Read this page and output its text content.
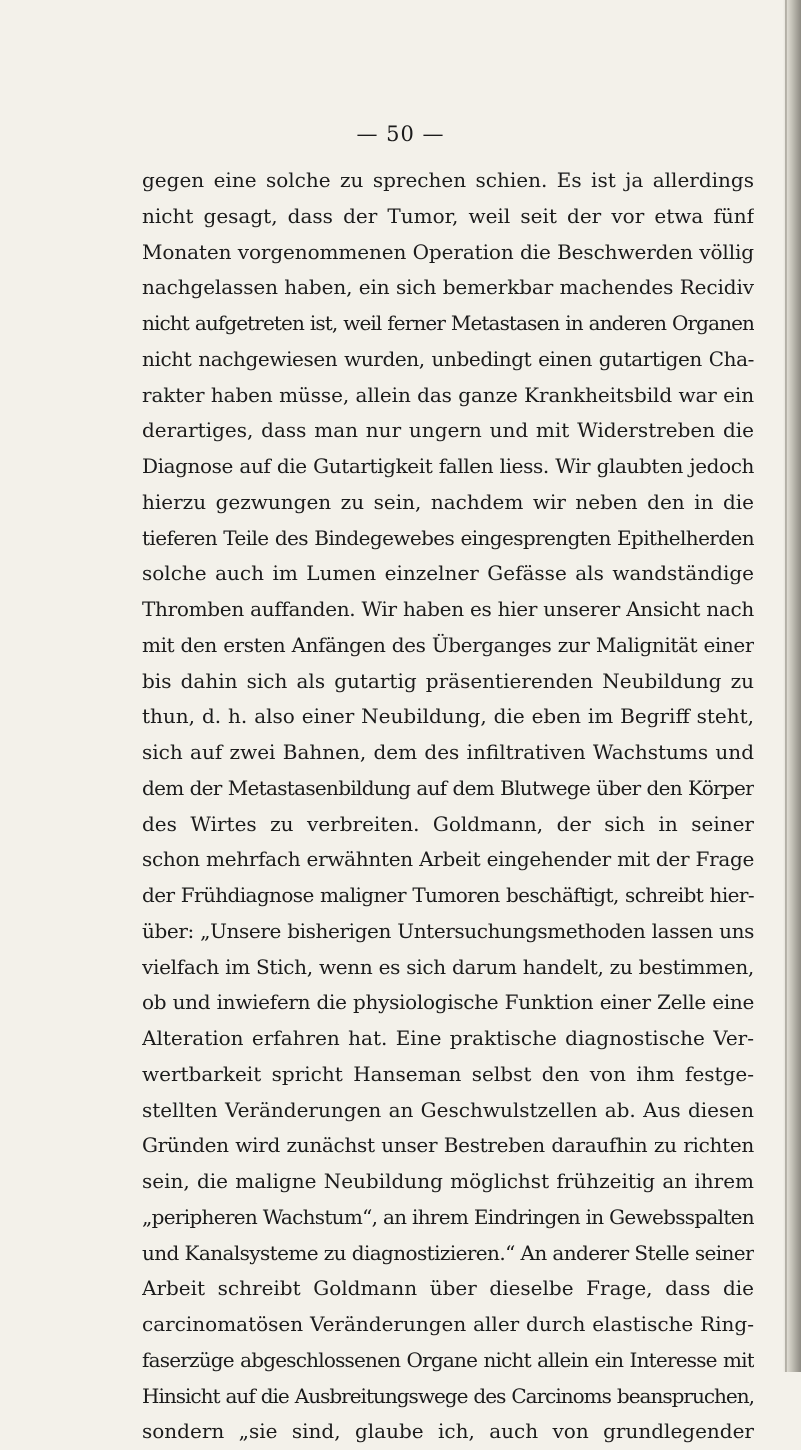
— 50 —
gegen eine solche zu sprechen schien. Es ist ja allerdings
nicht gesagt, dass der Tumor, weil seit der vor etwa fünf
Monaten vorgenommenen Operation die Beschwerden völlig
nachgelassen haben, ein sich bemerkbar machendes Recidiv
nicht aufgetreten ist, weil ferner Metastasen in anderen Organen
nicht nachgewiesen wurden, unbedingt einen gutartigen Cha-
rakter haben müsse, allein das ganze Krankheitsbild war ein
derartiges, dass man nur ungern und mit Widerstreben die
Diagnose auf die Gutartigkeit fallen liess. Wir glaubten jedoch
hierzu gezwungen zu sein, nachdem wir neben den in die
tieferen Teile des Bindegewebes eingesprengten Epithelherden
solche auch im Lumen einzelner Gefässe als wandständige
Thromben auffanden. Wir haben es hier unserer Ansicht nach
mit den ersten Anfängen des Überganges zur Malignität einer
bis dahin sich als gutartig präsentierenden Neubildung zu
thun, d. h. also einer Neubildung, die eben im Begriff steht,
sich auf zwei Bahnen, dem des infiltrativen Wachstums und
dem der Metastasenbildung auf dem Blutwege über den Körper
des Wirtes zu verbreiten. Goldmann, der sich in seiner
schon mehrfach erwähnten Arbeit eingehender mit der Frage
der Frühdiagnose maligner Tumoren beschäftigt, schreibt hier-
über: „Unsere bisherigen Untersuchungsmethoden lassen uns
vielfach im Stich, wenn es sich darum handelt, zu bestimmen,
ob und inwiefern die physiologische Funktion einer Zelle eine
Alteration erfahren hat. Eine praktische diagnostische Ver-
wertbarkeit spricht Hanseman selbst den von ihm festge-
stellten Veränderungen an Geschwulstzellen ab. Aus diesen
Gründen wird zunächst unser Bestreben daraufhin zu richten
sein, die maligne Neubildung möglichst frühzeitig an ihrem
„peripheren Wachstum“, an ihrem Eindringen in Gewebsspalten
und Kanalsysteme zu diagnostizieren.“ An anderer Stelle seiner
Arbeit schreibt Goldmann über dieselbe Frage, dass die
carcinomatösen Veränderungen aller durch elastische Ring-
faserzüge abgeschlossenen Organe nicht allein ein Interesse mit
Hinsicht auf die Ausbreitungswege des Carcinoms beanspruchen,
sondern „sie sind, glaube ich, auch von grundlegender
